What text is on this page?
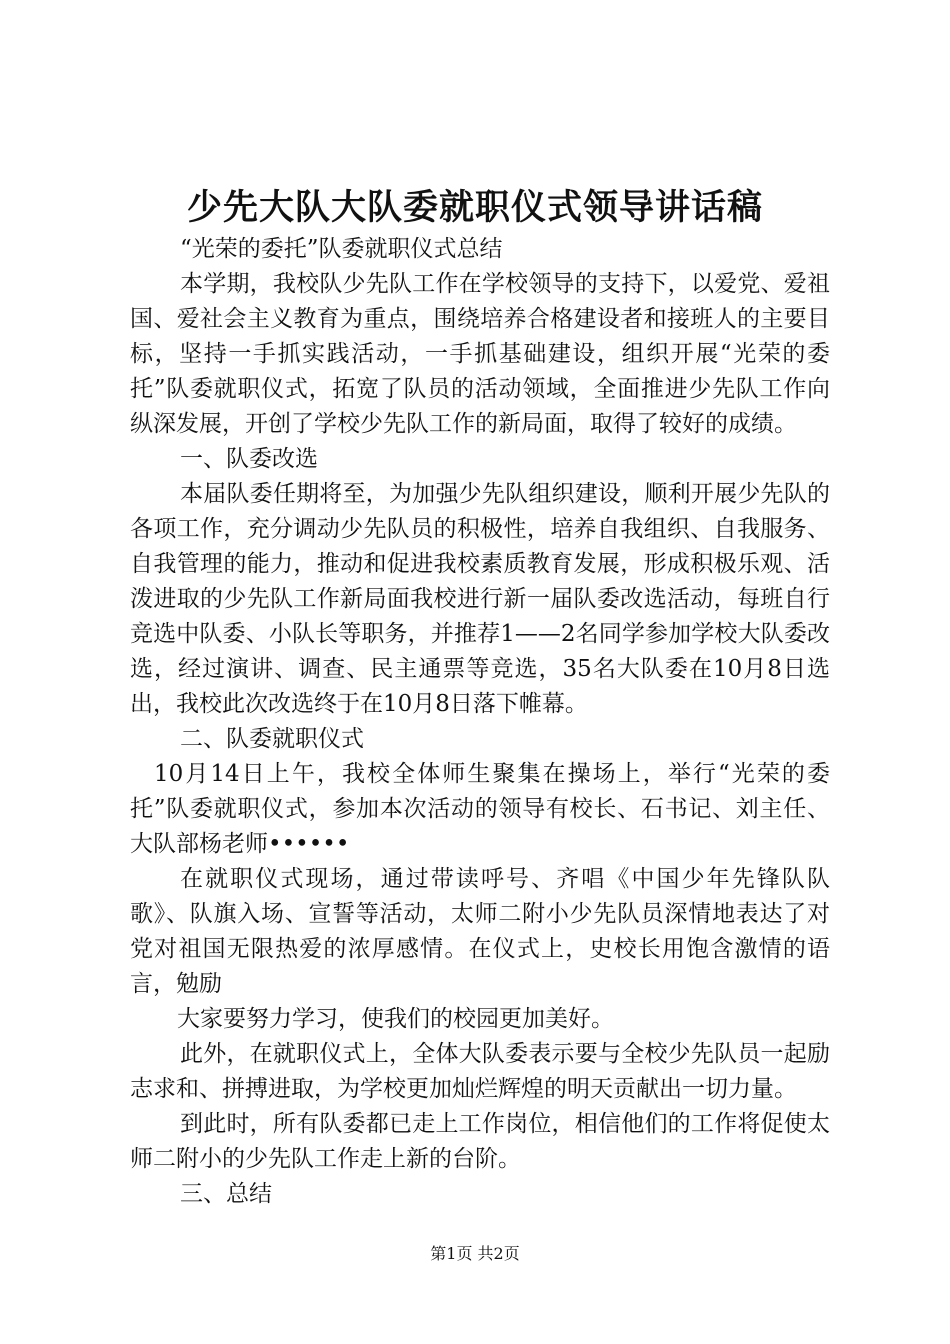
少先大队大队委就职仪式领导讲话稿

“光荣的委托”队委就职仪式总结

本学期，我校队少先队工作在学校领导的支持下，以爱党、爱祖国、爱社会主义教育为重点，围绕培养合格建设者和接班人的主要目标，坚持一手抓实践活动，一手抓基础建设，组织开展“光荣的委托”队委就职仪式，拓宽了队员的活动领域，全面推进少先队工作向纵深发展，开创了学校少先队工作的新局面，取得了较好的成绩。

一、队委改选

本届队委任期将至，为加强少先队组织建设，顺利开展少先队的各项工作，充分调动少先队员的积极性，培养自我组织、自我服务、自我管理的能力，推动和促进我校素质教育发展，形成积极乐观、活泼进取的少先队工作新局面我校进行新一届队委改选活动，每班自行竞选中队委、小队长等职务，并推荐1——2名同学参加学校大队委改选，经过演讲、调查、民主通票等竞选，35名大队委在10月8日选出，我校此次改选终于在10月8日落下帷幕。

二、队委就职仪式

10月14日上午，我校全体师生聚集在操场上，举行“光荣的委托”队委就职仪式，参加本次活动的领导有校长、石书记、刘主任、大队部杨老师••••••

在就职仪式现场，通过带读呼号、齐唱《中国少年先锋队队歌》、队旗入场、宣誓等活动，太师二附小少先队员深情地表达了对党对祖国无限热爱的浓厚感情。在仪式上，史校长用饱含激情的语言，勉励

大家要努力学习，使我们的校园更加美好。

此外，在就职仪式上，全体大队委表示要与全校少先队员一起励志求和、拼搏进取，为学校更加灿烂辉煌的明天贡献出一切力量。

到此时，所有队委都已走上工作岗位，相信他们的工作将促使太师二附小的少先队工作走上新的台阶。

三、总结

第1页 共2页
